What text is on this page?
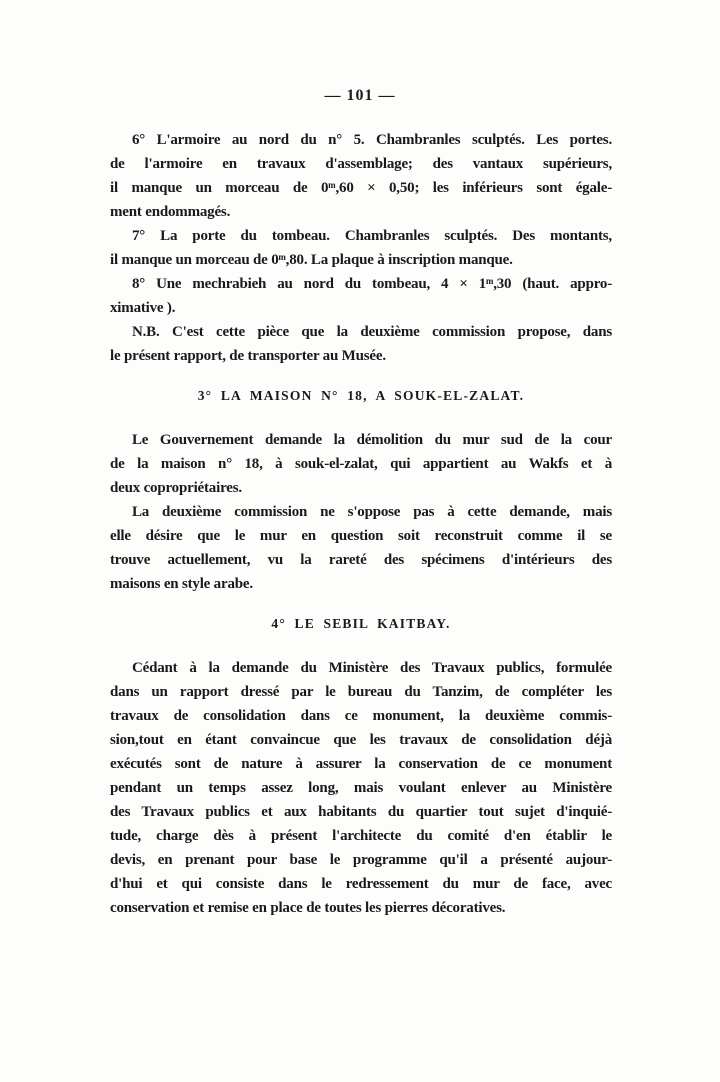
— 101 —
6° L'armoire au nord du n° 5. Chambranles sculptés. Les portes.
de l'armoire en travaux d'assemblage; des vantaux supérieurs,
il manque un morceau de 0ᵐ,60 × 0,50; les inférieurs sont égale-
ment endommagés.
7° La porte du tombeau. Chambranles sculptés. Des montants,
il manque un morceau de 0ᵐ,80. La plaque à inscription manque.
8° Une mechrabieh au nord du tombeau, 4 × 1ᵐ,30 (haut. appro-
ximative ).
N.B. C'est cette pièce que la deuxième commission propose, dans
le présent rapport, de transporter au Musée.
3° LA MAISON N° 18, A SOUK-EL-ZALAT.
Le Gouvernement demande la démolition du mur sud de la cour
de la maison n° 18, à souk-el-zalat, qui appartient au Wakfs et à
deux copropriétaires.
La deuxième commission ne s'oppose pas à cette demande, mais
elle désire que le mur en question soit reconstruit comme il se
trouve actuellement, vu la rareté des spécimens d'intérieurs des
maisons en style arabe.
4° LE SEBIL KAITBAY.
Cédant à la demande du Ministère des Travaux publics, formulée
dans un rapport dressé par le bureau du Tanzim, de compléter les
travaux de consolidation dans ce monument, la deuxième commis-
sion,tout en étant convaincue que les travaux de consolidation déjà
exécutés sont de nature à assurer la conservation de ce monument
pendant un temps assez long, mais voulant enlever au Ministère
des Travaux publics et aux habitants du quartier tout sujet d'inquié-
tude, charge dès à présent l'architecte du comité d'en établir le
devis, en prenant pour base le programme qu'il a présenté aujour-
d'hui et qui consiste dans le redressement du mur de face, avec
conservation et remise en place de toutes les pierres décoratives.
